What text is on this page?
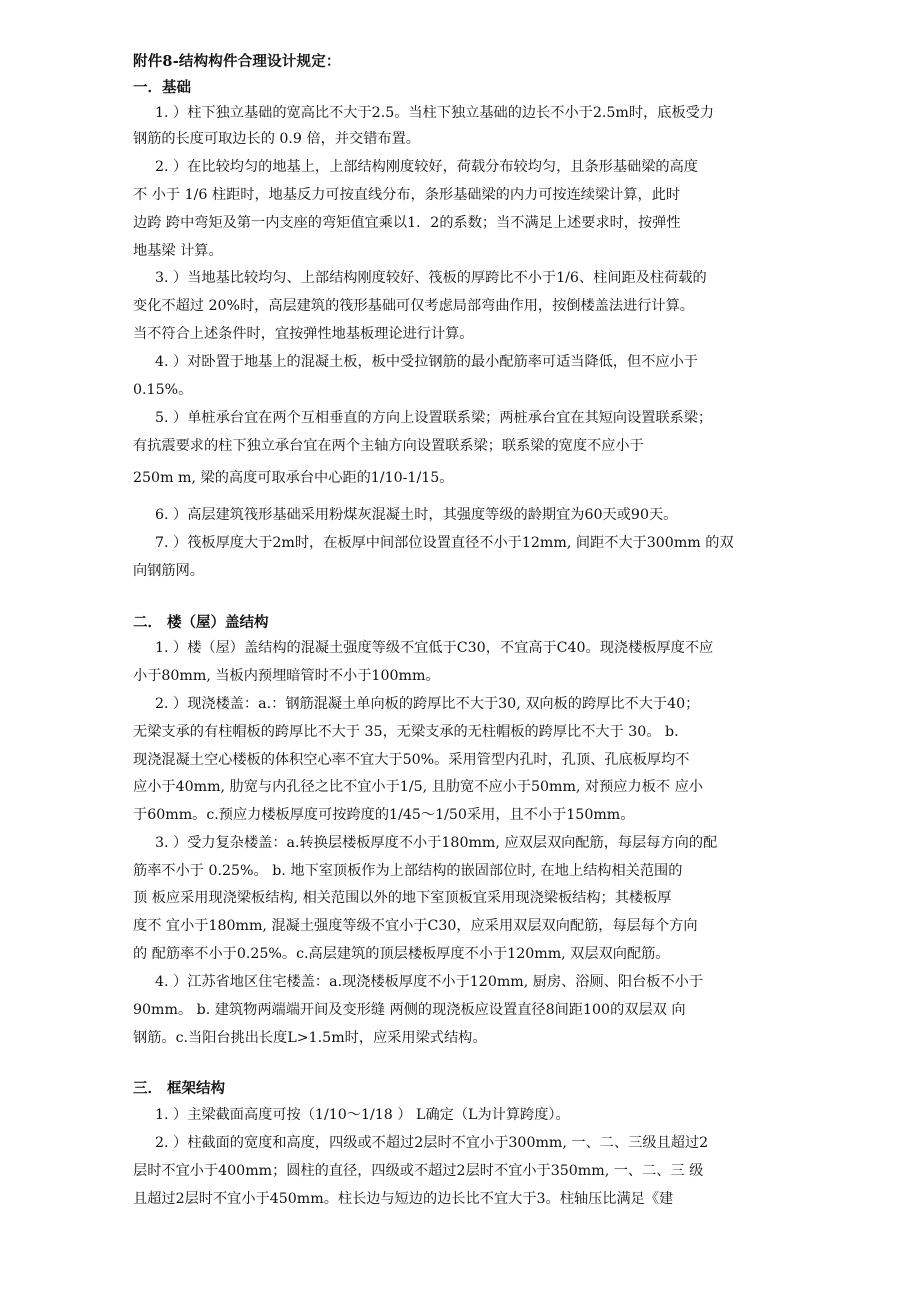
附件8-结构构件合理设计规定：
一．基础
1. ）柱下独立基础的宽高比不大于2.5。当柱下独立基础的边长不小于2.5m时，底板受力
钢筋的长度可取边长的 0.9 倍，并交错布置。
2. ）在比较均匀的地基上，上部结构刚度较好，荷载分布较均匀，且条形基础梁的高度
不 小于 1/6 柱距时，地基反力可按直线分布，条形基础梁的内力可按连续梁计算，此时
边跨 跨中弯矩及第一内支座的弯矩值宜乘以1．2的系数；当不满足上述要求时，按弹性
地基梁 计算。
3. ）当地基比较均匀、上部结构刚度较好、筏板的厚跨比不小于1/6、柱间距及柱荷载的
变化不超过 20%时，高层建筑的筏形基础可仅考虑局部弯曲作用，按倒楼盖法进行计算。
当不符合上述条件时，宜按弹性地基板理论进行计算。
4. ）对卧置于地基上的混凝土板，板中受拉钢筋的最小配筋率可适当降低，但不应小于
0.15%。
5. ）单桩承台宜在两个互相垂直的方向上设置联系梁；两桩承台宜在其短向设置联系梁；
有抗震要求的柱下独立承台宜在两个主轴方向设置联系梁；联系梁的宽度不应小于
250m m, 梁的高度可取承台中心距的1/10-1/15。
6. ）高层建筑筏形基础采用粉煤灰混凝土时，其强度等级的龄期宜为60天或90天。
7. ）筏板厚度大于2m时，在板厚中间部位设置直径不小于12mm, 间距不大于300mm 的双
向钢筋网。
二． 楼（屋）盖结构
1. ）楼（屋）盖结构的混凝土强度等级不宜低于C30，不宜高于C40。现浇楼板厚度不应
小于80mm, 当板内预埋暗管时不小于100mm。
2. ）现浇楼盖：a.：钢筋混凝土单向板的跨厚比不大于30, 双向板的跨厚比不大于40；
无梁支承的有柱帽板的跨厚比不大于 35，无梁支承的无柱帽板的跨厚比不大于 30。 b.
现浇混凝土空心楼板的体积空心率不宜大于50%。采用管型内孔时，孔顶、孔底板厚均不
应小于40mm, 肋宽与内孔径之比不宜小于1/5, 且肋宽不应小于50mm, 对预应力板不 应小
于60mm。c.预应力楼板厚度可按跨度的1/45～1/50采用，且不小于150mm。
3. ）受力复杂楼盖：a.转换层楼板厚度不小于180mm, 应双层双向配筋，每层每方向的配
筋率不小于 0.25%。 b. 地下室顶板作为上部结构的嵌固部位时, 在地上结构相关范围的
顶 板应采用现浇梁板结构, 相关范围以外的地下室顶板宜采用现浇梁板结构；其楼板厚
度不 宜小于180mm, 混凝土强度等级不宜小于C30，应采用双层双向配筋，每层每个方向
的 配筋率不小于0.25%。c.高层建筑的顶层楼板厚度不小于120mm, 双层双向配筋。
4. ）江苏省地区住宅楼盖：a.现浇楼板厚度不小于120mm, 厨房、浴厕、阳台板不小于
90mm。 b. 建筑物两端端开间及变形缝 两侧的现浇板应设置直径8间距100的双层双 向
钢筋。c.当阳台挑出长度L>1.5m时，应采用梁式结构。
三． 框架结构
1. ）主梁截面高度可按（1/10～1/18 ） L确定（L为计算跨度）。
2. ）柱截面的宽度和高度，四级或不超过2层时不宜小于300mm, 一、二、三级且超过2
层时不宜小于400mm；圆柱的直径，四级或不超过2层时不宜小于350mm, 一、二、三 级
且超过2层时不宜小于450mm。柱长边与短边的边长比不宜大于3。柱轴压比满足《建
